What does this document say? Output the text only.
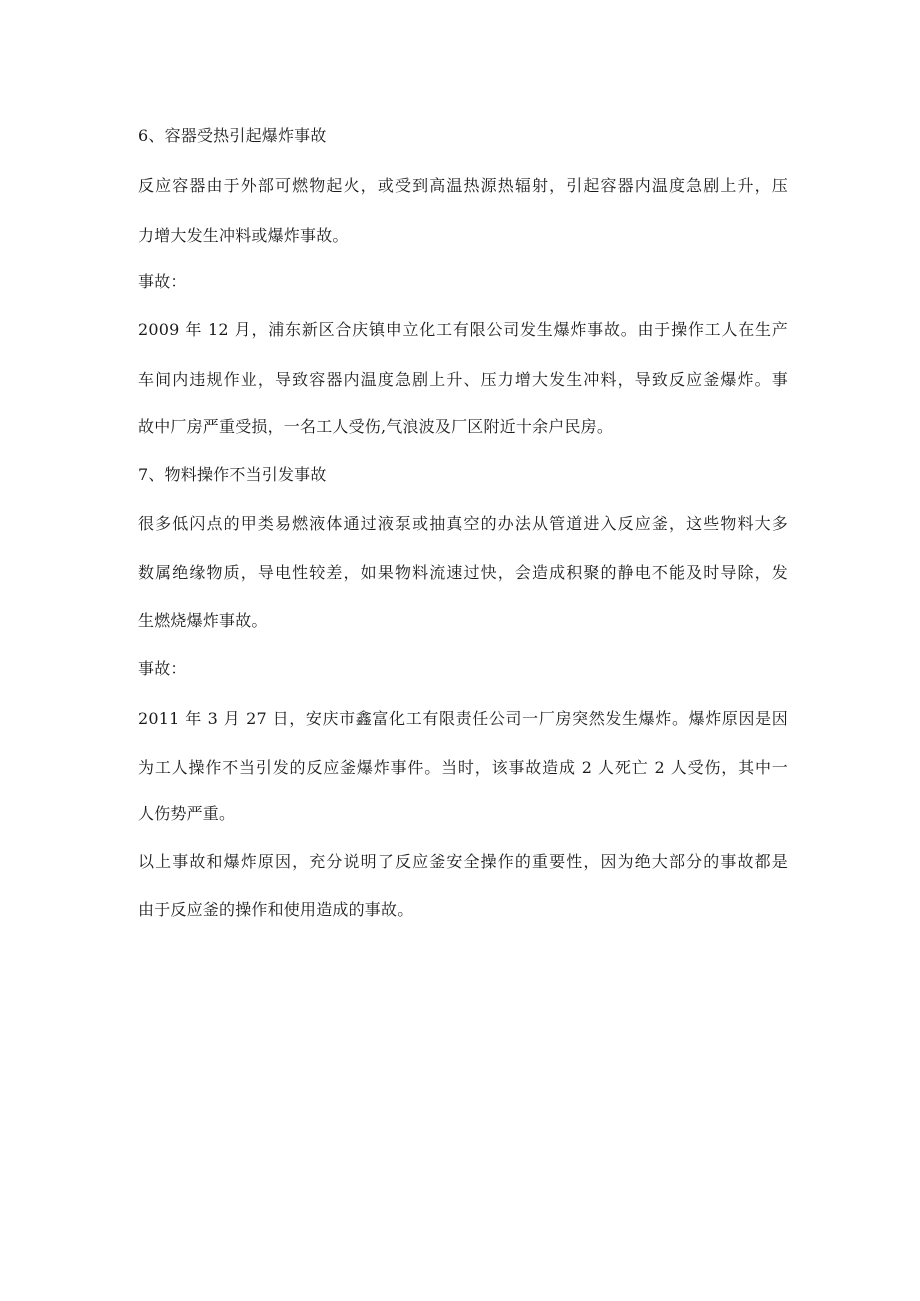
6、容器受热引起爆炸事故
反应容器由于外部可燃物起火，或受到高温热源热辐射，引起容器内温度急剧上升，压
力增大发生冲料或爆炸事故。
事故：
2009 年 12 月，浦东新区合庆镇申立化工有限公司发生爆炸事故。由于操作工人在生产
车间内违规作业，导致容器内温度急剧上升、压力增大发生冲料，导致反应釜爆炸。事
故中厂房严重受损，一名工人受伤,气浪波及厂区附近十余户民房。
7、物料操作不当引发事故
很多低闪点的甲类易燃液体通过液泵或抽真空的办法从管道进入反应釜，这些物料大多
数属绝缘物质，导电性较差，如果物料流速过快，会造成积聚的静电不能及时导除，发
生燃烧爆炸事故。
事故：
2011 年 3 月 27 日，安庆市鑫富化工有限责任公司一厂房突然发生爆炸。爆炸原因是因
为工人操作不当引发的反应釜爆炸事件。当时，该事故造成 2 人死亡 2 人受伤，其中一
人伤势严重。
以上事故和爆炸原因，充分说明了反应釜安全操作的重要性，因为绝大部分的事故都是
由于反应釜的操作和使用造成的事故。
